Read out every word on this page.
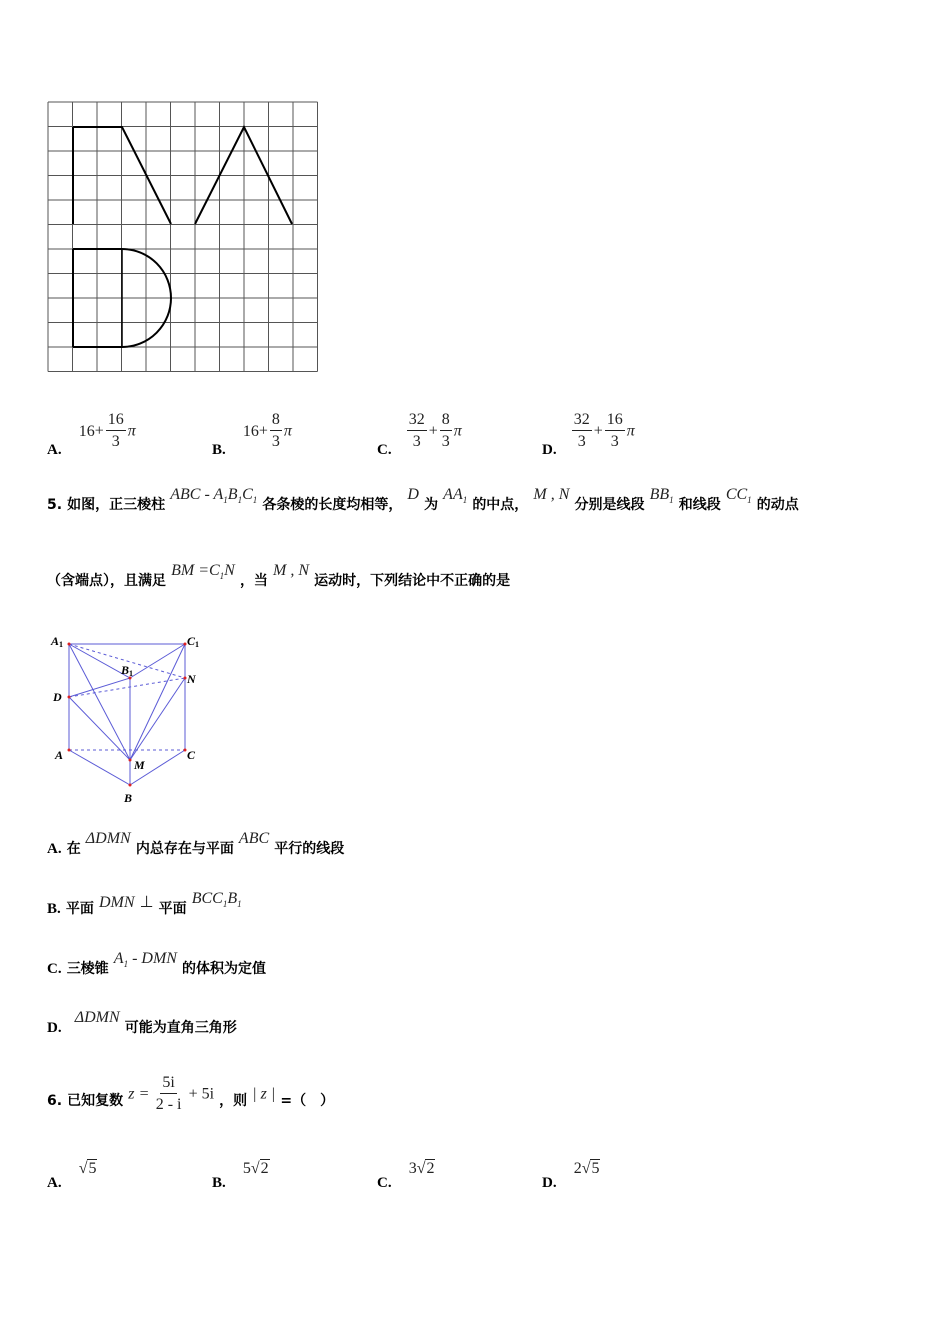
A. $16+ \frac{16}{3}$ π
B. $16+ \frac{8}{3}$ π
C. $\frac{32}{3} + \frac{8}{3}$ π
D. $\frac{32}{3} + \frac{16}{3}$ π
5. 如图，正三棱柱 ABC - $A_1B_1C_1$ 各条棱的长度均相等， D 为 $AA_1$ 的中点， M , N 分别是线段 $BB_1$ 和线段 $CC_1$ 的动点
（含端点），且满足 BM $=C_1N$ ，当 M , N 运动时，下列结论中不正确的是
A1	C1
B1
D
N
A	C
M
B
A. 在 ΔDMN 内总存在与平面 ABC 平行的线段
B. 平面 DMN ⊥ 平面 $BCC_1B_1$
C. 三棱锥 $A_1$ - DMN 的体积为定值
D. ΔDMN 可能为直角三角形
6. 已知复数 $z = \frac{5i}{2 - i} + 5i$ ，则 | z | =（　）
A. √5
B. 5√2
C. 3√2
D. 2√5
